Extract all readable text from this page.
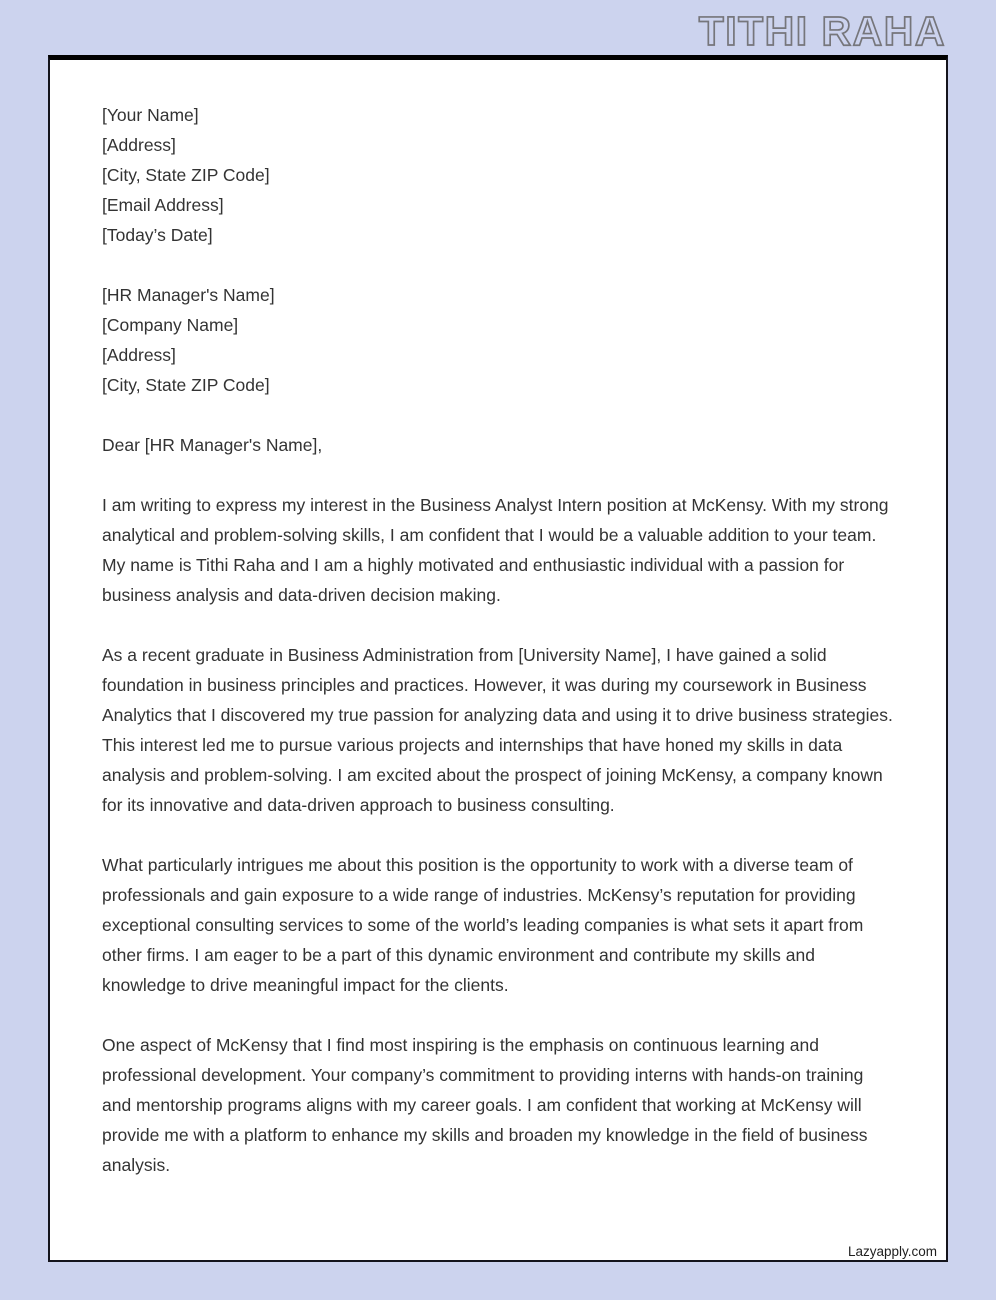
TITHI RAHA
[Your Name]
[Address]
[City, State ZIP Code]
[Email Address]
[Today’s Date]
[HR Manager's Name]
[Company Name]
[Address]
[City, State ZIP Code]
Dear [HR Manager's Name],
I am writing to express my interest in the Business Analyst Intern position at McKensy. With my strong analytical and problem-solving skills, I am confident that I would be a valuable addition to your team. My name is Tithi Raha and I am a highly motivated and enthusiastic individual with a passion for business analysis and data-driven decision making.
As a recent graduate in Business Administration from [University Name], I have gained a solid foundation in business principles and practices. However, it was during my coursework in Business Analytics that I discovered my true passion for analyzing data and using it to drive business strategies. This interest led me to pursue various projects and internships that have honed my skills in data analysis and problem-solving. I am excited about the prospect of joining McKensy, a company known for its innovative and data-driven approach to business consulting.
What particularly intrigues me about this position is the opportunity to work with a diverse team of professionals and gain exposure to a wide range of industries. McKensy’s reputation for providing exceptional consulting services to some of the world’s leading companies is what sets it apart from other firms. I am eager to be a part of this dynamic environment and contribute my skills and knowledge to drive meaningful impact for the clients.
One aspect of McKensy that I find most inspiring is the emphasis on continuous learning and professional development. Your company’s commitment to providing interns with hands-on training and mentorship programs aligns with my career goals. I am confident that working at McKensy will provide me with a platform to enhance my skills and broaden my knowledge in the field of business analysis.
Lazyapply.com
